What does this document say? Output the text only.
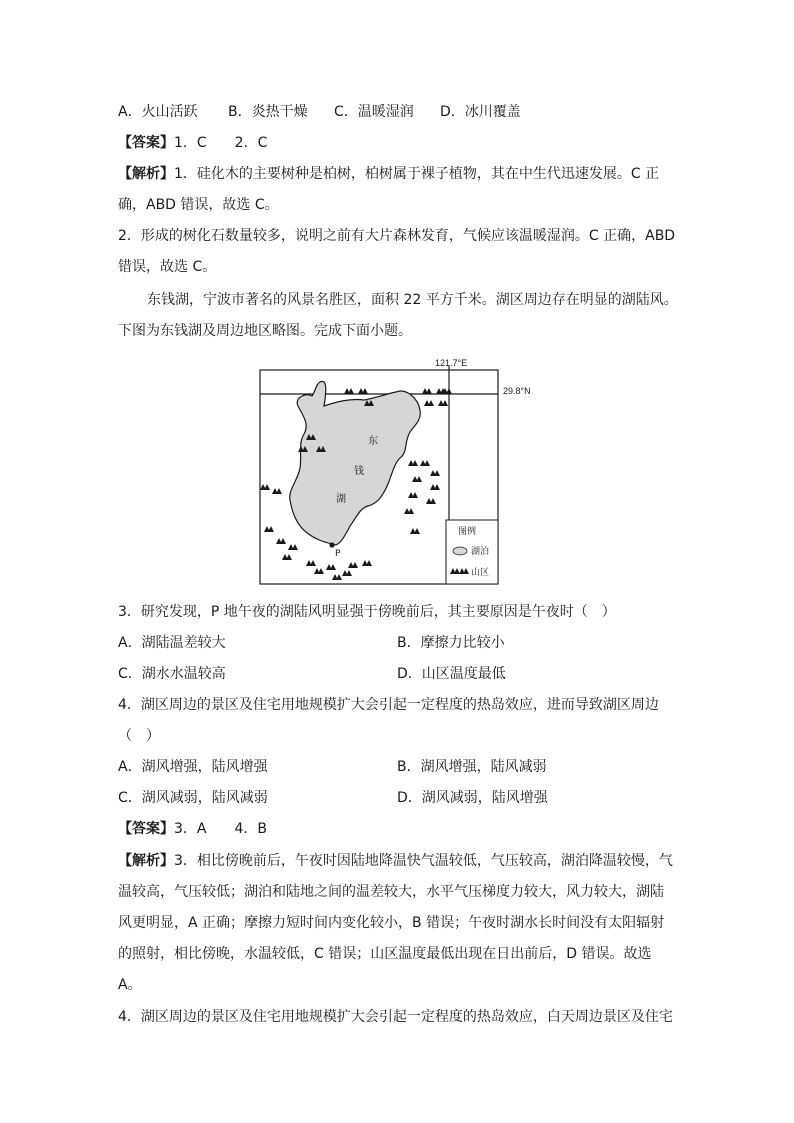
A．火山活跃 B．炎热干燥 C．温暖湿润 D．冰川覆盖
【答案】1．C　　2．C
【解析】1．硅化木的主要树种是柏树，柏树属于裸子植物，其在中生代迅速发展。C 正
确，ABD 错误，故选 C。
2．形成的树化石数量较多，说明之前有大片森林发育，气候应该温暖湿润。C 正确，ABD
错误，故选 C。
东钱湖，宁波市著名的风景名胜区，面积 22 平方千米。湖区周边存在明显的湖陆风。
下图为东钱湖及周边地区略图。完成下面小题。
121.7°E
29.8°N
东
钱
湖
P
图例
湖泊
山区
3．研究发现，P 地午夜的湖陆风明显强于傍晚前后，其主要原因是午夜时（　）
A．湖陆温差较大	B．摩擦力比较小
C．湖水水温较高	D．山区温度最低
4．湖区周边的景区及住宅用地规模扩大会引起一定程度的热岛效应，进而导致湖区周边
（　）
A．湖风增强，陆风增强	B．湖风增强，陆风减弱
C．湖风减弱，陆风减弱	D．湖风减弱，陆风增强
【答案】3．A　　4．B
【解析】3．相比傍晚前后，午夜时因陆地降温快气温较低，气压较高，湖泊降温较慢，气
温较高，气压较低；湖泊和陆地之间的温差较大，水平气压梯度力较大，风力较大，湖陆
风更明显，A 正确；摩擦力短时间内变化较小，B 错误；午夜时湖水长时间没有太阳辐射
的照射，相比傍晚，水温较低，C 错误；山区温度最低出现在日出前后，D 错误。故选
A。
4．湖区周边的景区及住宅用地规模扩大会引起一定程度的热岛效应，白天周边景区及住宅
